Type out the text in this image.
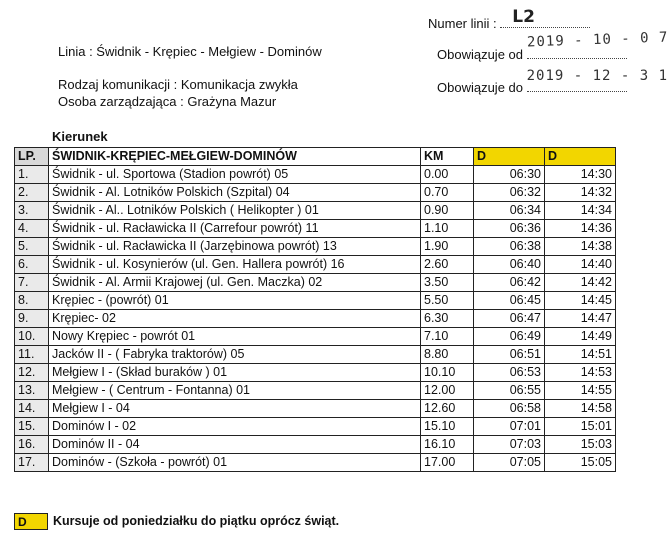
Numer linii : L2
Linia : Świdnik - Krępiec - Mełgiew - Dominów	Obowiązuje od
2019 - 10 - 0 7
Rodzaj komunikacji : Komunikacja zwykła	Obowiązuje do
2019 - 12 - 3 1
Osoba zarządzająca : Grażyna Mazur
Kierunek
LP.	ŚWIDNIK-KRĘPIEC-MEŁGIEW-DOMINÓW	KM	D	D
1.	Świdnik - ul. Sportowa (Stadion powrót) 05	0.00	06:30	14:30
2.	Świdnik - Al. Lotników Polskich (Szpital) 04	0.70	06:32	14:32
3.	Świdnik - Al.. Lotników Polskich ( Helikopter ) 01	0.90	06:34	14:34
4.	Świdnik - ul. Racławicka II (Carrefour powrót) 11	1.10	06:36	14:36
5.	Świdnik - ul. Racławicka II (Jarzębinowa powrót) 13	1.90	06:38	14:38
6.	Świdnik - ul. Kosynierów (ul. Gen. Hallera powrót) 16	2.60	06:40	14:40
7.	Świdnik - Al. Armii Krajowej (ul. Gen. Maczka) 02	3.50	06:42	14:42
8.	Krępiec - (powrót) 01	5.50	06:45	14:45
9.	Krępiec- 02	6.30	06:47	14:47
10.	Nowy Krępiec - powrót 01	7.10	06:49	14:49
11.	Jacków II - ( Fabryka traktorów) 05	8.80	06:51	14:51
12.	Mełgiew I - (Skład buraków ) 01	10.10	06:53	14:53
13.	Mełgiew - ( Centrum - Fontanna) 01	12.00	06:55	14:55
14.	Mełgiew I - 04	12.60	06:58	14:58
15.	Dominów I - 02	15.10	07:01	15:01
16.	Dominów II - 04	16.10	07:03	15:03
17.	Dominów - (Szkoła - powrót) 01	17.00	07:05	15:05
D	Kursuje od poniedziałku do piątku oprócz świąt.
